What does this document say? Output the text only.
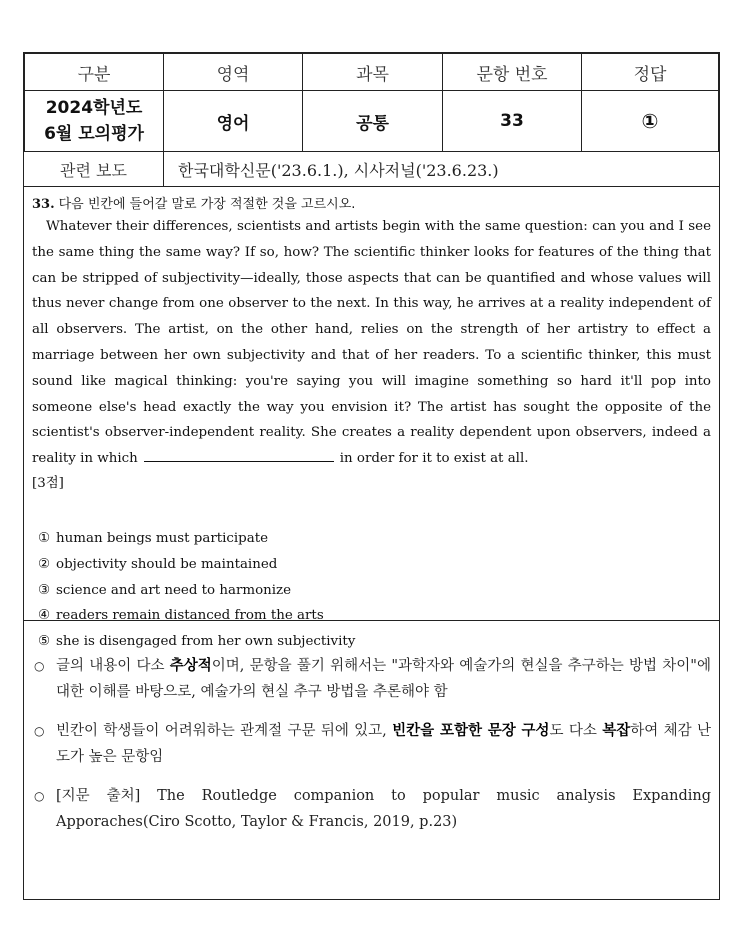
구분	영역	과목	문항 번호	정답

2024학년도
6월 모의평가	영어	공통	33	①
관련 보도	한국대학신문('23.6.1.), 시사저널('23.6.23.)
33. 다음 빈칸에 들어갈 말로 가장 적절한 것을 고르시오.
Whatever their differences, scientists and artists begin with the same question: can you and I see the same thing the same way? If so, how? The scientific thinker looks for features of the thing that can be stripped of subjectivity—ideally, those aspects that can be quantified and whose values will thus never change from one observer to the next. In this way, he arrives at a reality independent of all observers. The artist, on the other hand, relies on the strength of her artistry to effect a marriage between her own subjectivity and that of her readers. To a scientific thinker, this must sound like magical thinking: you're saying you will imagine something so hard it'll pop into someone else's head exactly the way you envision it? The artist has sought the opposite of the scientist's observer-independent reality. She creates a reality dependent upon observers, indeed a reality in which	in order for it to exist at all.
[3점]
① human beings must participate
② objectivity should be maintained
③ science and art need to harmonize
④ readers remain distanced from the arts
⑤ she is disengaged from her own subjectivity
○ 글의 내용이 다소 추상적이며, 문항을 풀기 위해서는 "과학자와 예술가의 현실을 추구하는 방법 차이"에 대한 이해를 바탕으로, 예술가의 현실 추구 방법을 추론해야 함
○ 빈칸이 학생들이 어려워하는 관계절 구문 뒤에 있고, 빈칸을 포함한 문장 구성도 다소 복잡하여 체감 난도가 높은 문항임
○ [지문 출처] The Routledge companion to popular music analysis Expanding Apporaches(Ciro Scotto, Taylor & Francis, 2019, p.23)
